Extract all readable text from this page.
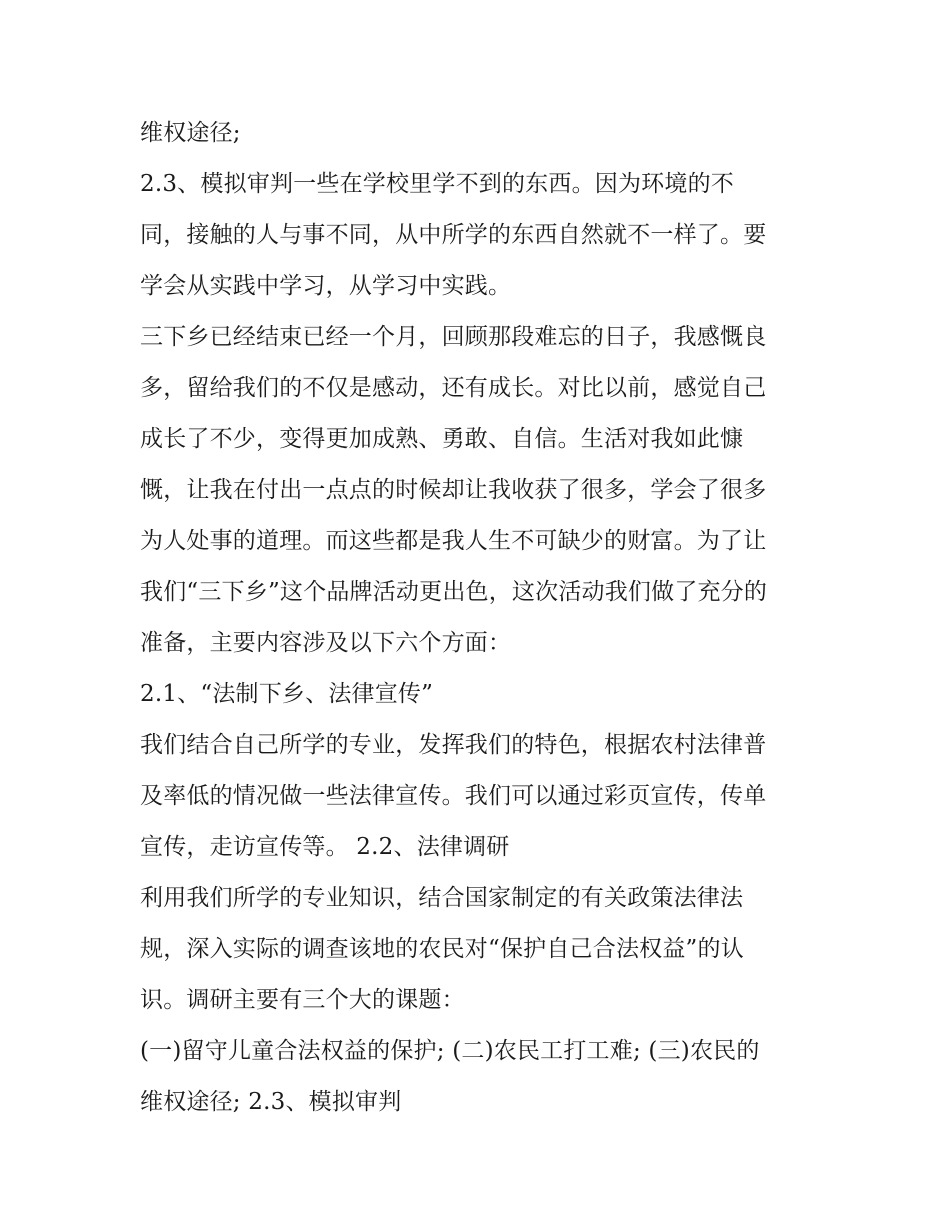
维权途径;
2.3、模拟审判一些在学校里学不到的东西。因为环境的不
同，接触的人与事不同，从中所学的东西自然就不一样了。要
学会从实践中学习，从学习中实践。
三下乡已经结束已经一个月，回顾那段难忘的日子，我感慨良
多，留给我们的不仅是感动，还有成长。对比以前，感觉自己
成长了不少，变得更加成熟、勇敢、自信。生活对我如此慷
慨，让我在付出一点点的时候却让我收获了很多，学会了很多
为人处事的道理。而这些都是我人生不可缺少的财富。为了让
我们“三下乡”这个品牌活动更出色，这次活动我们做了充分的
准备，主要内容涉及以下六个方面：
2.1、“法制下乡、法律宣传”
我们结合自己所学的专业，发挥我们的特色，根据农村法律普
及率低的情况做一些法律宣传。我们可以通过彩页宣传，传单
宣传，走访宣传等。 2.2、法律调研
利用我们所学的专业知识，结合国家制定的有关政策法律法
规，深入实际的调查该地的农民对“保护自己合法权益”的认
识。调研主要有三个大的课题：
(一)留守儿童合法权益的保护; (二)农民工打工难; (三)农民的
维权途径; 2.3、模拟审判
